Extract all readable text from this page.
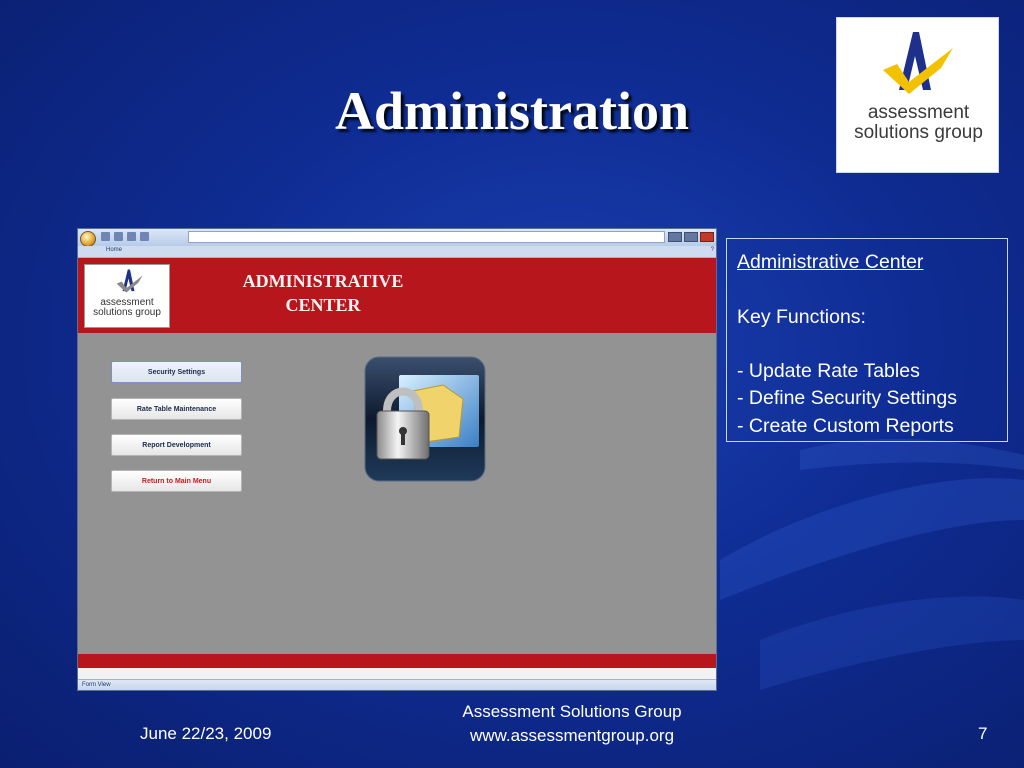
Administration	assessment
solutions group
Home	?
assessment
solutions group
ADMINISTRATIVE
CENTER
Security Settings
Rate Table Maintenance
Report Development
Return to Main Menu
Form View
Administrative Center
Key Functions:
- Update Rate Tables
- Define Security Settings
- Create Custom Reports
June 22/23, 2009
Assessment Solutions Group
www.assessmentgroup.org	7
